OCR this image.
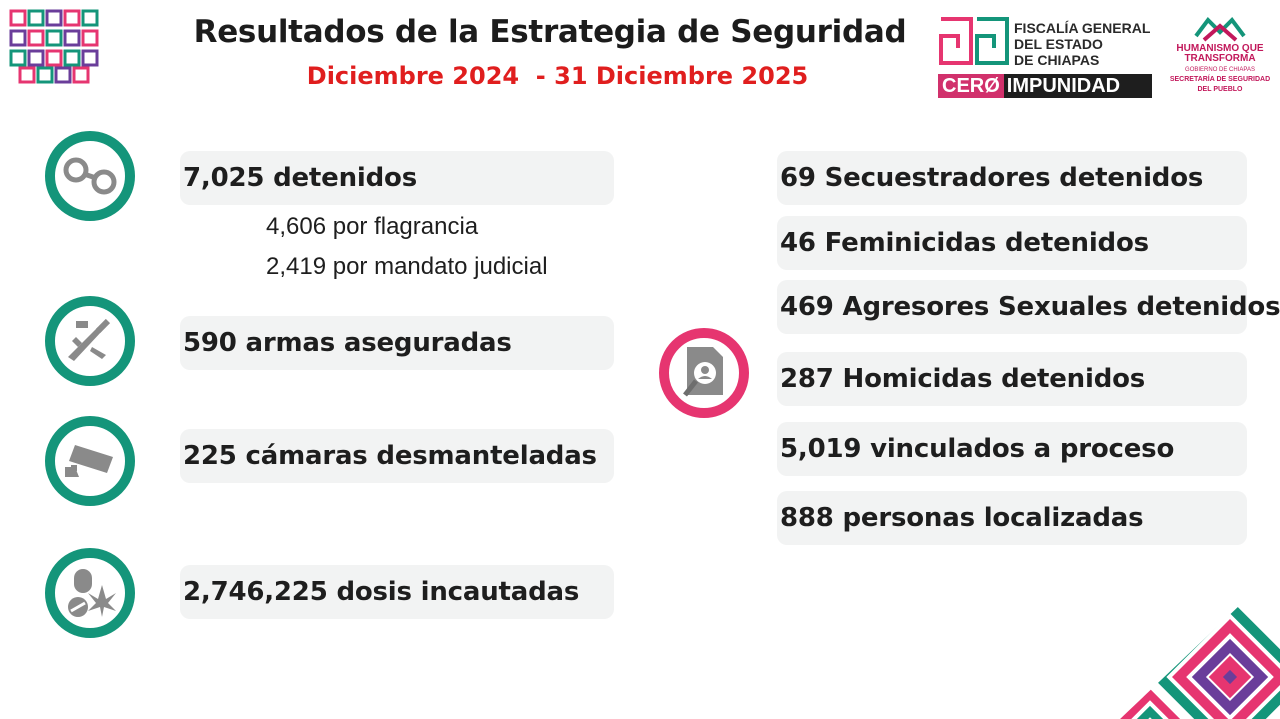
Resultados de la Estrategia de Seguridad
Diciembre 2024  - 31 Diciembre 2025
FISCALÍA GENERAL
DEL ESTADO
DE CHIAPAS
CERØ IMPUNIDAD
HUMANISMO QUE
TRANSFORMA
GOBIERNO DE CHIAPAS
SECRETARÍA DE SEGURIDAD
DEL PUEBLO
7,025 detenidos
4,606 por flagrancia
2,419 por mandato judicial
590 armas aseguradas
225 cámaras desmanteladas
2,746,225 dosis incautadas
69 Secuestradores detenidos
46 Feminicidas detenidos
469 Agresores Sexuales detenidos
287 Homicidas detenidos
5,019 vinculados a proceso
888 personas localizadas
